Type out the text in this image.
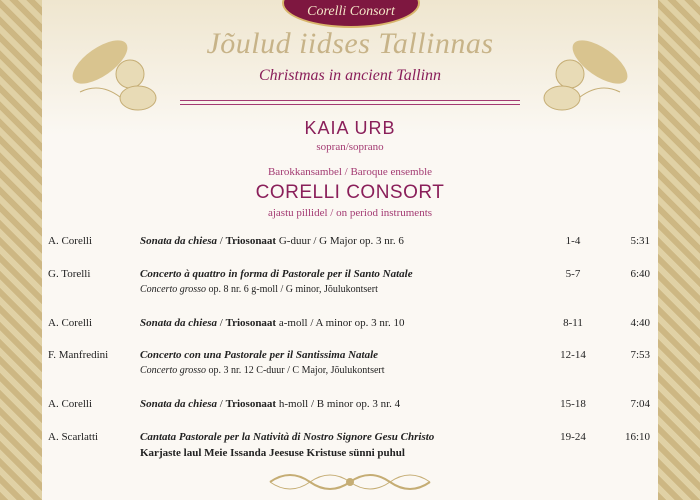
Corelli Consort
Jõulud iidses Tallinnas
Christmas in ancient Tallinn
KAIA URB
sopran/soprano
Barokkansambel / Baroque ensemble
CORELLI CONSORT
ajastu pillidel / on period instruments
A. Corelli	Sonata da chiesa / Triosonaat G-duur / G Major op. 3 nr. 6	1-4	5:31
G. Torelli	Concerto à quattro in forma di Pastorale per il Santo Natale	5-7	6:40
Concerto grosso op. 8 nr. 6 g-moll / G minor, Jõulukontsert
A. Corelli	Sonata da chiesa / Triosonaat a-moll / A minor op. 3 nr. 10	8-11	4:40
F. Manfredini	Concerto con una Pastorale per il Santissima Natale	12-14	7:53
Concerto grosso op. 3 nr. 12 C-duur / C Major, Jõulukontsert
A. Corelli	Sonata da chiesa / Triosonaat h-moll / B minor op. 3 nr. 4	15-18	7:04
A. Scarlatti	Cantata Pastorale per la Natività di Nostro Signore Gesu Christo	19-24	16:10
Karjaste laul Meie Issanda Jeesuse Kristuse sünni puhul
